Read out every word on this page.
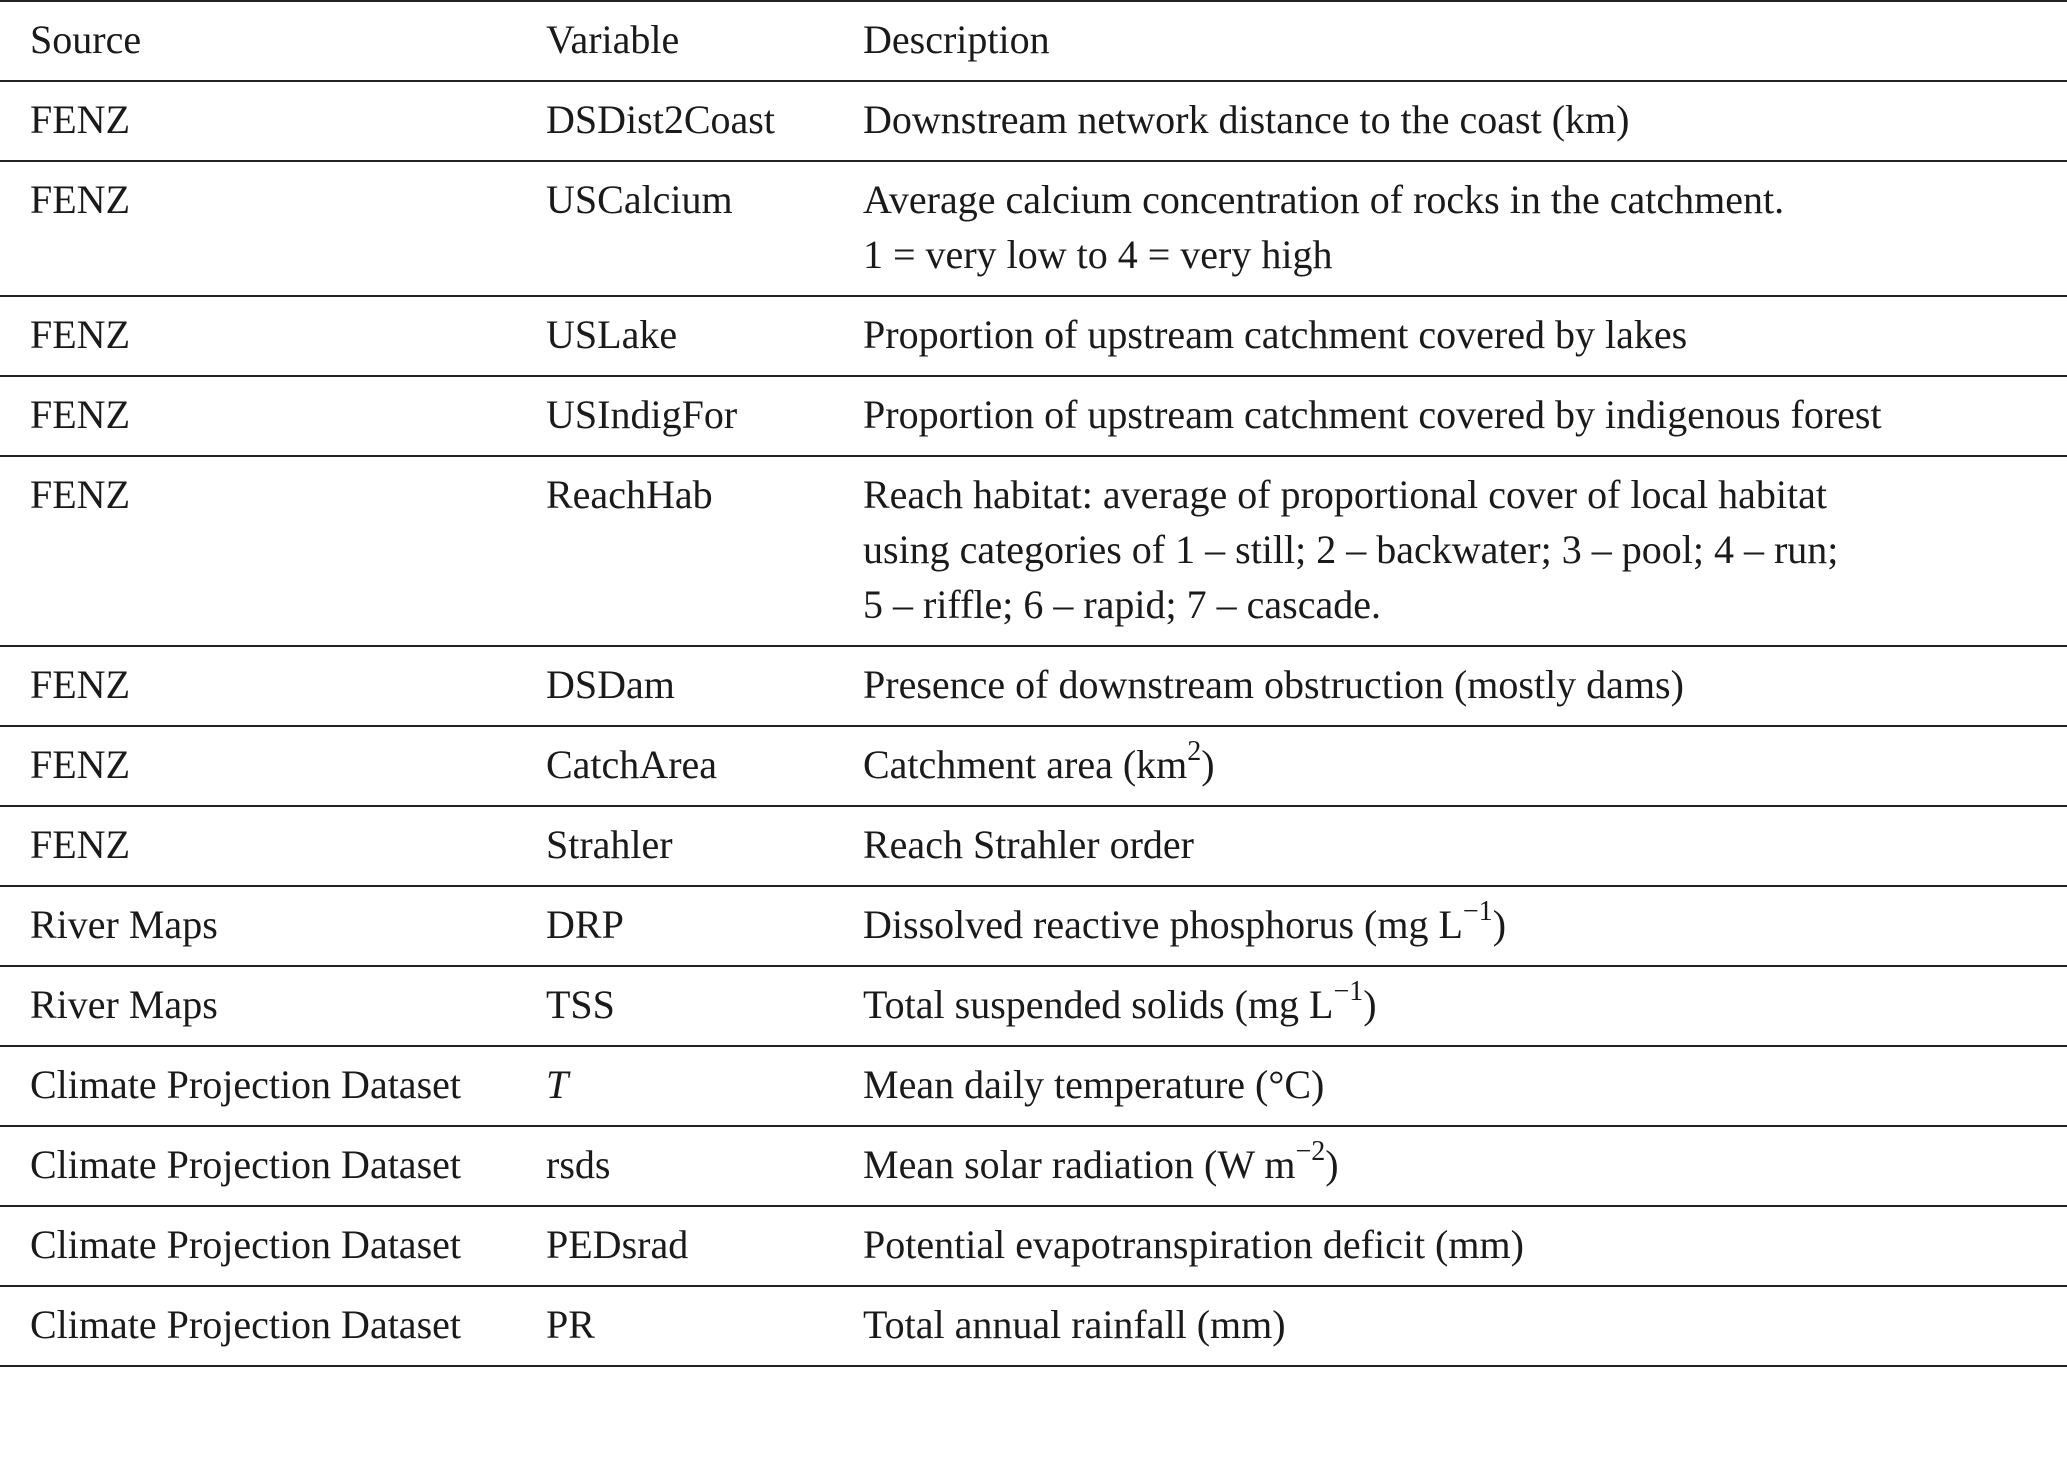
Source	Variable	Description
FENZ	DSDist2Coast	Downstream network distance to the coast (km)

FENZ	USCalcium	Average calcium concentration of rocks in the catchment.
1 = very low to 4 = very high

FENZ	USLake	Proportion of upstream catchment covered by lakes

FENZ	USIndigFor	Proportion of upstream catchment covered by indigenous forest

FENZ	ReachHab	Reach habitat: average of proportional cover of local habitat
using categories of 1 – still; 2 – backwater; 3 – pool; 4 – run;
5 – riffle; 6 – rapid; 7 – cascade.

FENZ	DSDam	Presence of downstream obstruction (mostly dams)

FENZ	CatchArea	Catchment area $(km^2)$
FENZ	Strahler	Reach Strahler order

River Maps	DRP	Dissolved reactive phosphorus (mg $L^{-1}$)
River Maps	TSS	Total suspended solids (mg $L^{-1}$)
Climate Projection Dataset	T	Mean daily temperature (°C)

Climate Projection Dataset	rsds	Mean solar radiation (W $m^{-2}$)
Climate Projection Dataset	PEDsrad	Potential evapotranspiration deficit (mm)

Climate Projection Dataset	PR	Total annual rainfall (mm)
